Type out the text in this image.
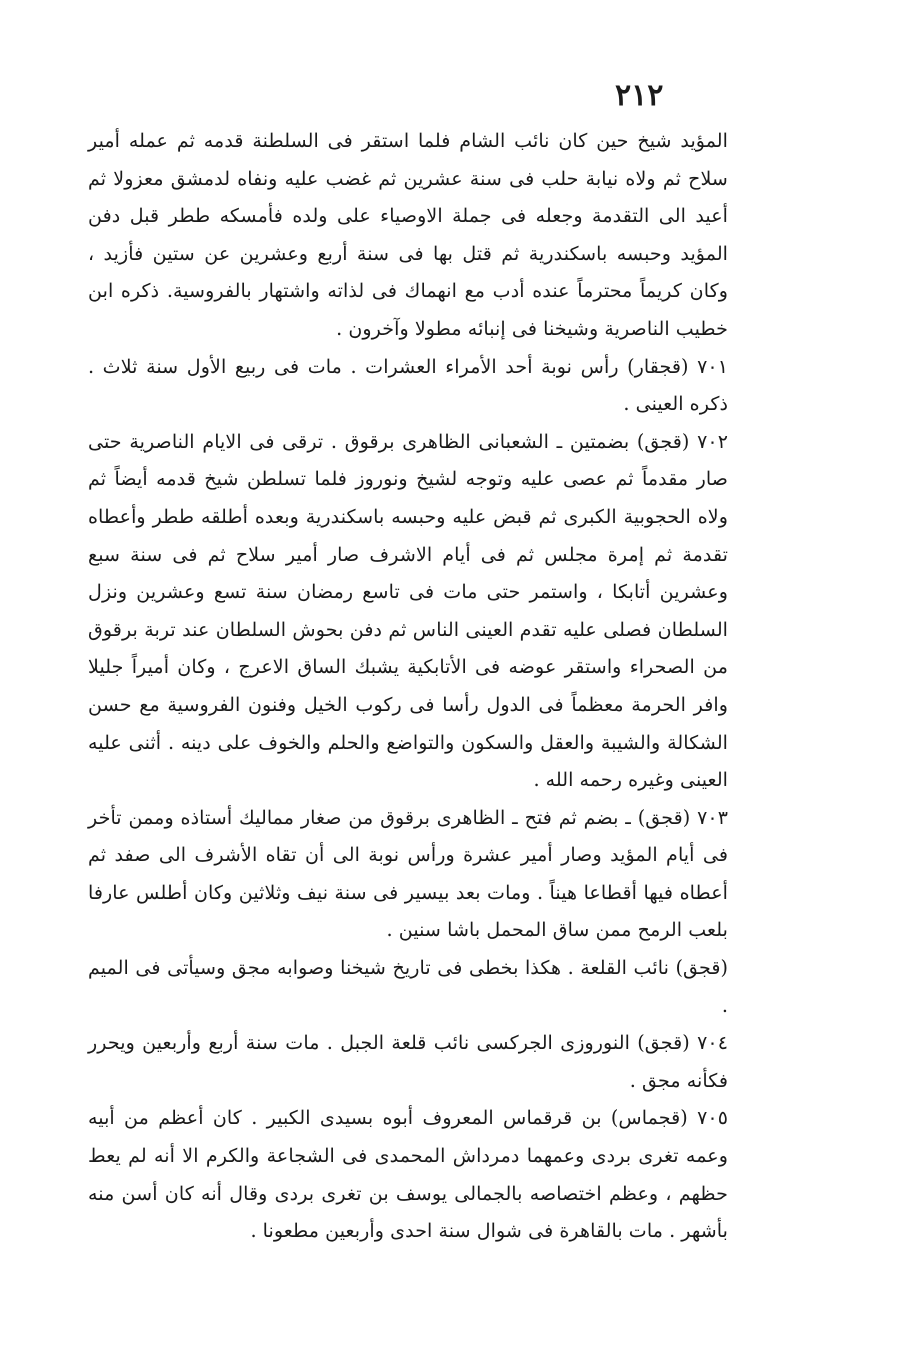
٢١٢

المؤيد شيخ حين كان نائب الشام فلما استقر فى السلطنة قدمه ثم عمله أمير سلاح ثم ولاه نيابة حلب فى سنة عشرين ثم غضب عليه ونفاه لدمشق معزولا ثم أعيد الى التقدمة وجعله فى جملة الاوصياء على ولده فأمسكه ططر قبل دفن المؤيد وحبسه باسكندرية ثم قتل بها فى سنة أربع وعشرين عن ستين فأزيد ، وكان كريماً محترماً عنده أدب مع انهماك فى لذاته واشتهار بالفروسية. ذكره ابن خطيب الناصرية وشيخنا فى إنبائه مطولا وآخرون .

٧٠١ (قجقار) رأس نوبة أحد الأمراء العشرات . مات فى ربيع الأول سنة ثلاث . ذكره العينى .

٧٠٢ (قجق) بضمتين ـ الشعبانى الظاهرى برقوق . ترقى فى الايام الناصرية حتى صار مقدماً ثم عصى عليه وتوجه لشيخ ونوروز فلما تسلطن شيخ قدمه أيضاً ثم ولاه الحجوبية الكبرى ثم قبض عليه وحبسه باسكندرية وبعده أطلقه ططر وأعطاه تقدمة ثم إمرة مجلس ثم فى أيام الاشرف صار أمير سلاح ثم فى سنة سبع وعشرين أتابكا ، واستمر حتى مات فى تاسع رمضان سنة تسع وعشرين ونزل السلطان فصلى عليه تقدم العينى الناس ثم دفن بحوش السلطان عند تربة برقوق من الصحراء واستقر عوضه فى الأتابكية يشبك الساق الاعرج ، وكان أميراً جليلا وافر الحرمة معظماً فى الدول رأسا فى ركوب الخيل وفنون الفروسية مع حسن الشكالة والشيبة والعقل والسكون والتواضع والحلم والخوف على دينه . أثنى عليه العينى وغيره رحمه الله .

٧٠٣ (قجق) ـ بضم ثم فتح ـ الظاهرى برقوق من صغار مماليك أستاذه وممن تأخر فى أيام المؤيد وصار أمير عشرة ورأس نوبة الى أن تقاه الأشرف الى صفد ثم أعطاه فيها أقطاعا هيناً . ومات بعد بيسير فى سنة نيف وثلاثين وكان أطلس عارفا بلعب الرمح ممن ساق المحمل باشا سنين .

(قجق) نائب القلعة . هكذا بخطى فى تاريخ شيخنا وصوابه مجق وسيأتى فى الميم .

٧٠٤ (قجق) النوروزى الجركسى نائب قلعة الجبل . مات سنة أربع وأربعين ويحرر فكأنه مجق .

٧٠٥ (قجماس) بن قرقماس المعروف أبوه بسيدى الكبير . كان أعظم من أبيه وعمه تغرى بردى وعمهما دمرداش المحمدى فى الشجاعة والكرم الا أنه لم يعط حظهم ، وعظم اختصاصه بالجمالى يوسف بن تغرى بردى وقال أنه كان أسن منه بأشهر . مات بالقاهرة فى شوال سنة احدى وأربعين مطعونا .
